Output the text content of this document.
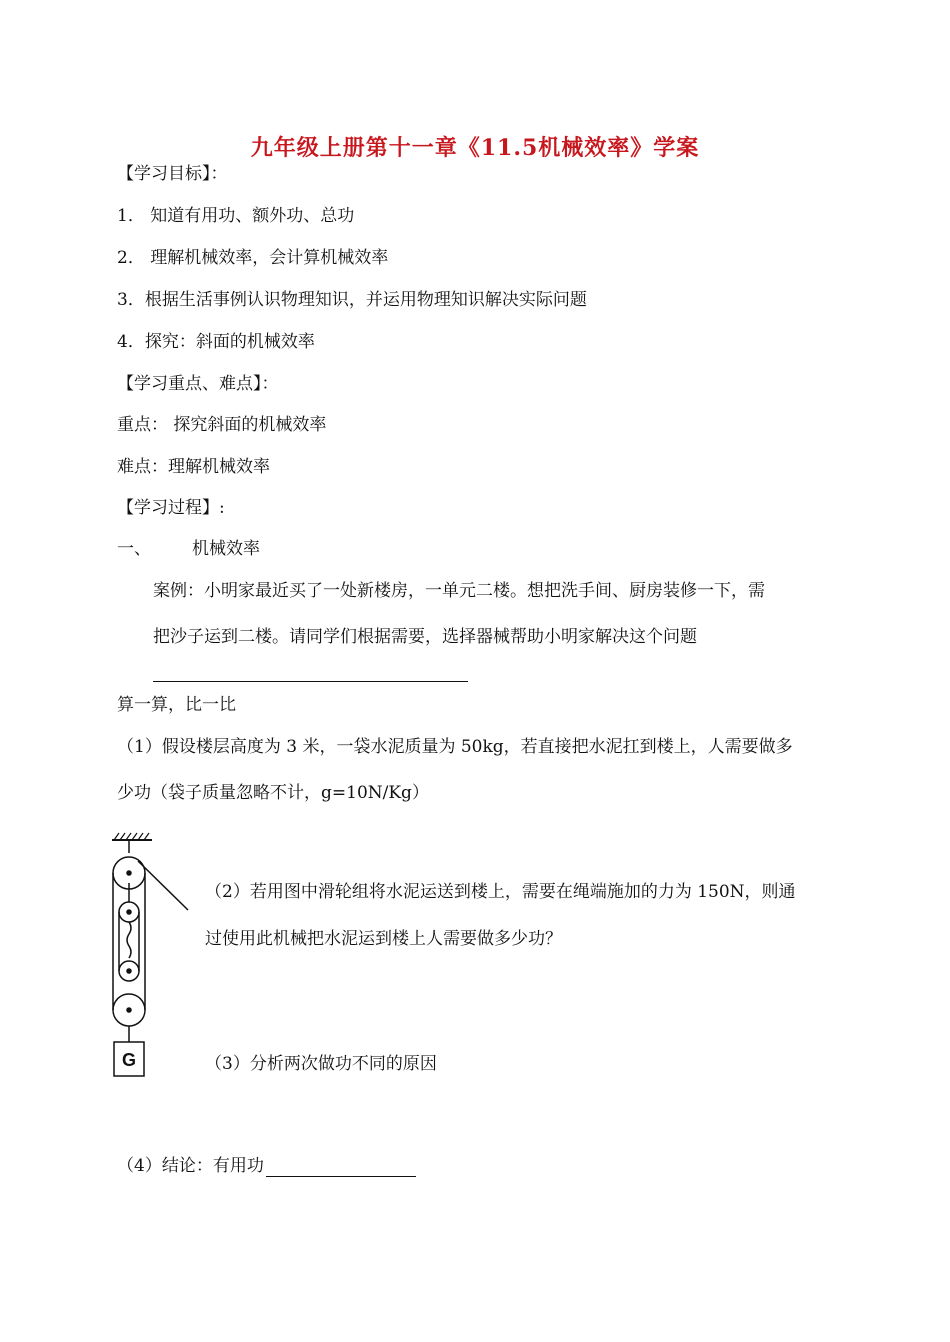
九年级上册第十一章《11.5机械效率》学案
【学习目标】：
1． 知道有用功、额外功、总功
2． 理解机械效率，会计算机械效率
3．根据生活事例认识物理知识，并运用物理知识解决实际问题
4．探究：斜面的机械效率
【学习重点、难点】：
重点： 探究斜面的机械效率
难点：理解机械效率
【学习过程】:
一、 机械效率
案例：小明家最近买了一处新楼房，一单元二楼。想把洗手间、厨房装修一下，需
把沙子运到二楼。请同学们根据需要，选择器械帮助小明家解决这个问题
算一算，比一比
（1）假设楼层高度为 3 米，一袋水泥质量为 50kg，若直接把水泥扛到楼上，人需要做多
少功（袋子质量忽略不计，g=10N/Kg）
（2）若用图中滑轮组将水泥运送到楼上，需要在绳端施加的力为 150N，则通
过使用此机械把水泥运到楼上人需要做多少功？
（3）分析两次做功不同的原因
（4）结论：有用功
G
